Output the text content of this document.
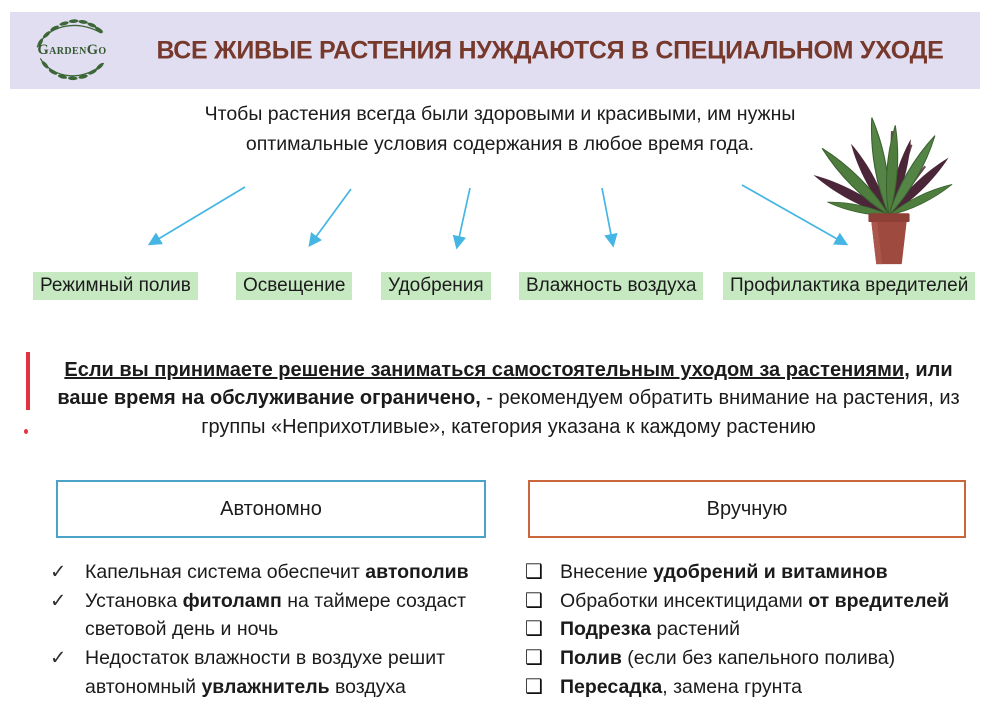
GardenGo	ВСЕ ЖИВЫЕ РАСТЕНИЯ НУЖДАЮТСЯ В СПЕЦИАЛЬНОМ УХОДЕ
Чтобы растения всегда были здоровыми и красивыми, им нужны оптимальные условия содержания в любое время года.
Режимный полив	Освещение	Удобрения	Влажность воздуха	Профилактика вредителей

Если вы принимаете решение заниматься самостоятельным уходом за растениями, или ваше время на обслуживание ограничено, - рекомендуем обратить внимание на растения, из группы «Неприхотливые», категория указана к каждому растению

Автономно	Вручную
✓ Капельная система обеспечит автополив
✓ Установка фитоламп на таймере создаст световой день и ночь
✓ Недостаток влажности в воздухе решит автономный увлажнитель воздуха
❑ Внесение удобрений и витаминов
❑ Обработки инсектицидами от вредителей
❑ Подрезка растений
❑ Полив (если без капельного полива)
❑ Пересадка, замена грунта
